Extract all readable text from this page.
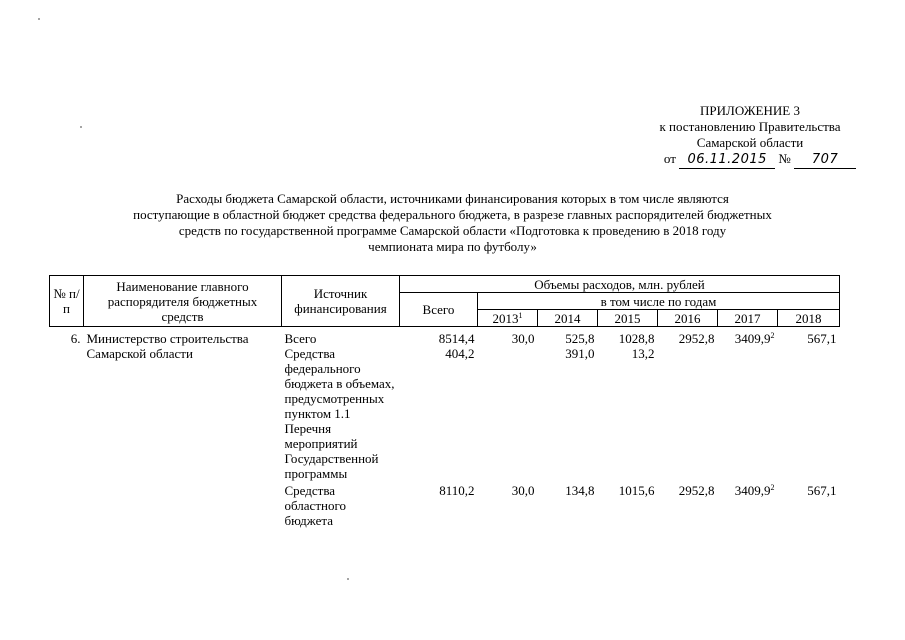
ПРИЛОЖЕНИЕ 3
к постановлению Правительства
Самарской области
от 06.11.2015 № 707
Расходы бюджета Самарской области, источниками финансирования которых в том числе являются
поступающие в областной бюджет средства федерального бюджета, в разрезе главных распорядителей бюджетных
средств по государственной программе Самарской области «Подготовка к проведению в 2018 году
чемпионата мира по футболу»
№ п/п	Наименование главного распорядителя бюджетных средств	Источник финансирования	Объемы расходов, млн. рублей						
			Всего	в том числе по годам					
				2013$^1$	2014	2015	2016	2017	2018
6.	Министерство строительства Самарской области	Всего	8514,4	30,0	525,8	1028,8	2952,8	3409,9$^2$	567,1
		Средства федерального бюджета в объемах, предусмотренных пунктом 1.1 Перечня мероприятий Государственной программы	404,2		391,0	13,2			
		Средства областного бюджета	8110,2	30,0	134,8	1015,6	2952,8	3409,9$^2$	567,1
